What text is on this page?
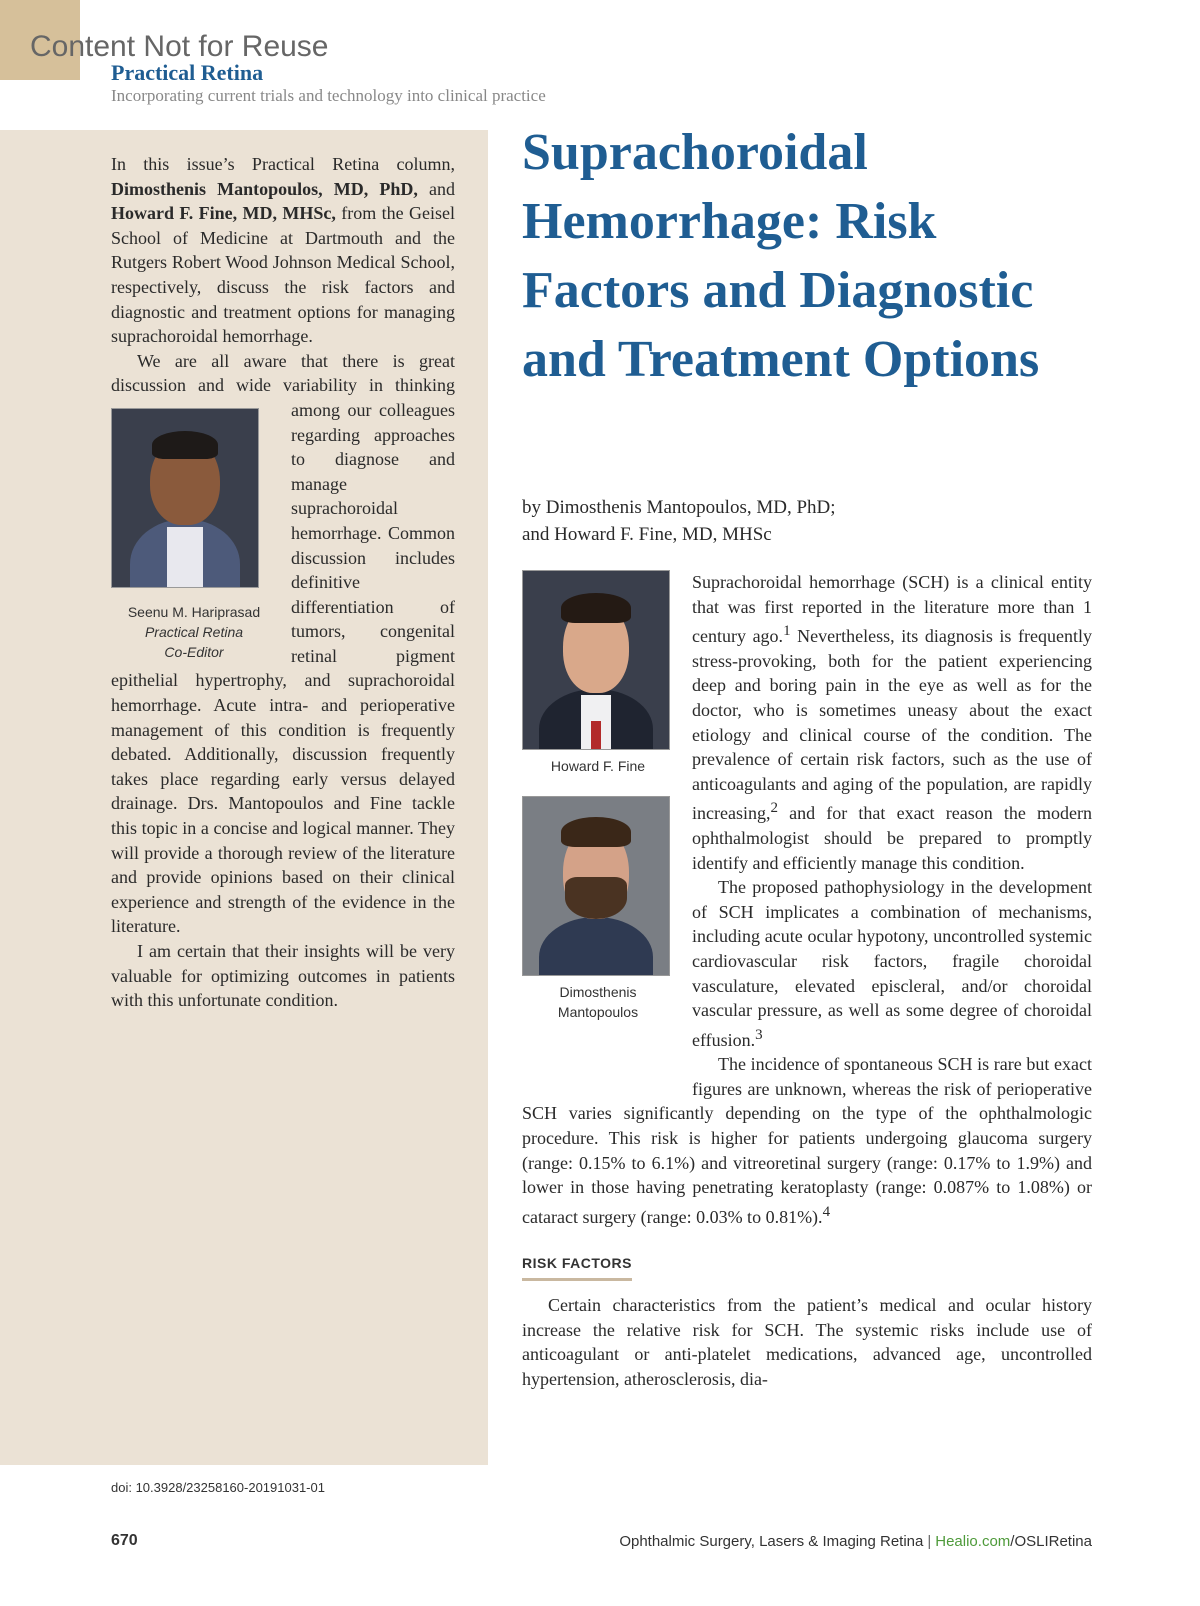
Content Not for Reuse
Practical Retina
Incorporating current trials and technology into clinical practice

In this issue’s Practical Retina column, Dimosthenis Mantopoulos, MD, PhD, and Howard F. Fine, MD, MHSc, from the Geisel School of Medicine at Dartmouth and the Rutgers Robert Wood Johnson Medical School, respectively, discuss the risk factors and diagnostic and treatment options for managing suprachoroidal hemorrhage.

We are all aware that there is great discussion and wide variability in
Seenu M. Hariprasad
Practical Retina
Co-Editor
thinking among our colleagues regarding approaches to diagnose and manage suprachoroidal hemorrhage. Common discussion includes definitive differentiation of tumors, congenital retinal pigment epithelial hypertrophy, and suprachoroidal hemorrhage. Acute intra- and perioperative management of this condition is frequently debated. Additionally, discussion frequently takes place regarding early versus delayed drainage. Drs. Mantopoulos and Fine tackle this topic in a concise and logical manner. They will provide a thorough review of the literature and provide opinions based on their clinical experience and strength of the evidence in the literature.

I am certain that their insights will be very valuable for optimizing outcomes in patients with this unfortunate condition.

Suprachoroidal Hemorrhage: Risk Factors and Diagnostic and Treatment Options
by Dimosthenis Mantopoulos, MD, PhD;
and Howard F. Fine, MD, MHSc
Howard F. Fine
Dimosthenis
Mantopoulos

Suprachoroidal hemorrhage (SCH) is a clinical entity that was first reported in the literature more than 1 century ago.$^1$ Nevertheless, its diagnosis is frequently stress-provoking, both for the patient experiencing deep and boring pain in the eye as well as for the doctor, who is sometimes uneasy about the exact etiology and clinical course of the condition. The prevalence of certain risk factors, such as the use of anticoagulants and aging of the population, are rapidly increasing,$^2$ and for that exact reason the modern ophthalmologist should be prepared to promptly identify and efficiently manage this condition.

The proposed pathophysiology in the development of SCH implicates a combination of mechanisms, including acute ocular hypotony, uncontrolled systemic cardiovascular risk factors, fragile choroidal vasculature, elevated episcleral, and/or choroidal vascular pressure, as well as some degree of choroidal effusion.$^3$

The incidence of spontaneous SCH is rare but exact figures are unknown, whereas the risk of perioperative SCH varies significantly depending on the type of the ophthalmologic procedure. This risk is higher for patients undergoing glaucoma surgery (range: 0.15% to 6.1%) and vitreoretinal surgery (range: 0.17% to 1.9%) and lower in those having penetrating keratoplasty (range: 0.087% to 1.08%) or cataract surgery (range: 0.03% to 0.81%).$^4$

RISK FACTORS

Certain characteristics from the patient’s medical and ocular history increase the relative risk for SCH. The systemic risks include use of anticoagulant or anti-platelet medications, advanced age, uncontrolled hypertension, atherosclerosis, dia-

doi: 10.3928/23258160-20191031-01
670	Ophthalmic Surgery, Lasers & Imaging Retina | Healio.com/OSLIRetina
